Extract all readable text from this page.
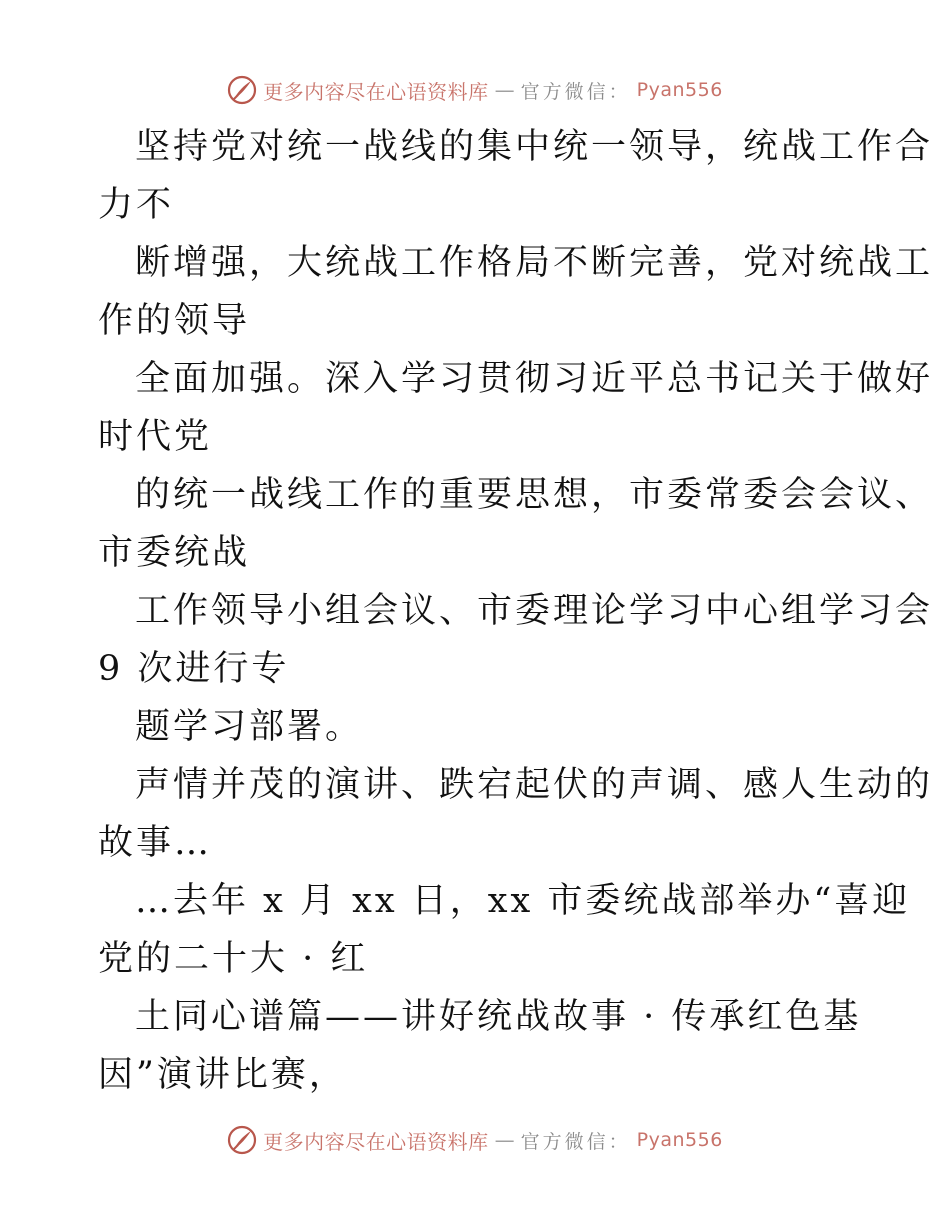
更多内容尽在心语资料库 — 官方微信： Pyan556
坚持党对统一战线的集中统一领导，统战工作合
力不
断增强，大统战工作格局不断完善，党对统战工
作的领导
全面加强。深入学习贯彻习近平总书记关于做好
时代党
的统一战线工作的重要思想，市委常委会会议、
市委统战
工作领导小组会议、市委理论学习中心组学习会
9 次进行专
题学习部署。
声情并茂的演讲、跌宕起伏的声调、感人生动的
故事…
…去年 x 月 xx 日，xx 市委统战部举办“喜迎
党的二十大 · 红
土同心谱篇——讲好统战故事 · 传承红色基
因”演讲比赛，
更多内容尽在心语资料库 — 官方微信： Pyan556
